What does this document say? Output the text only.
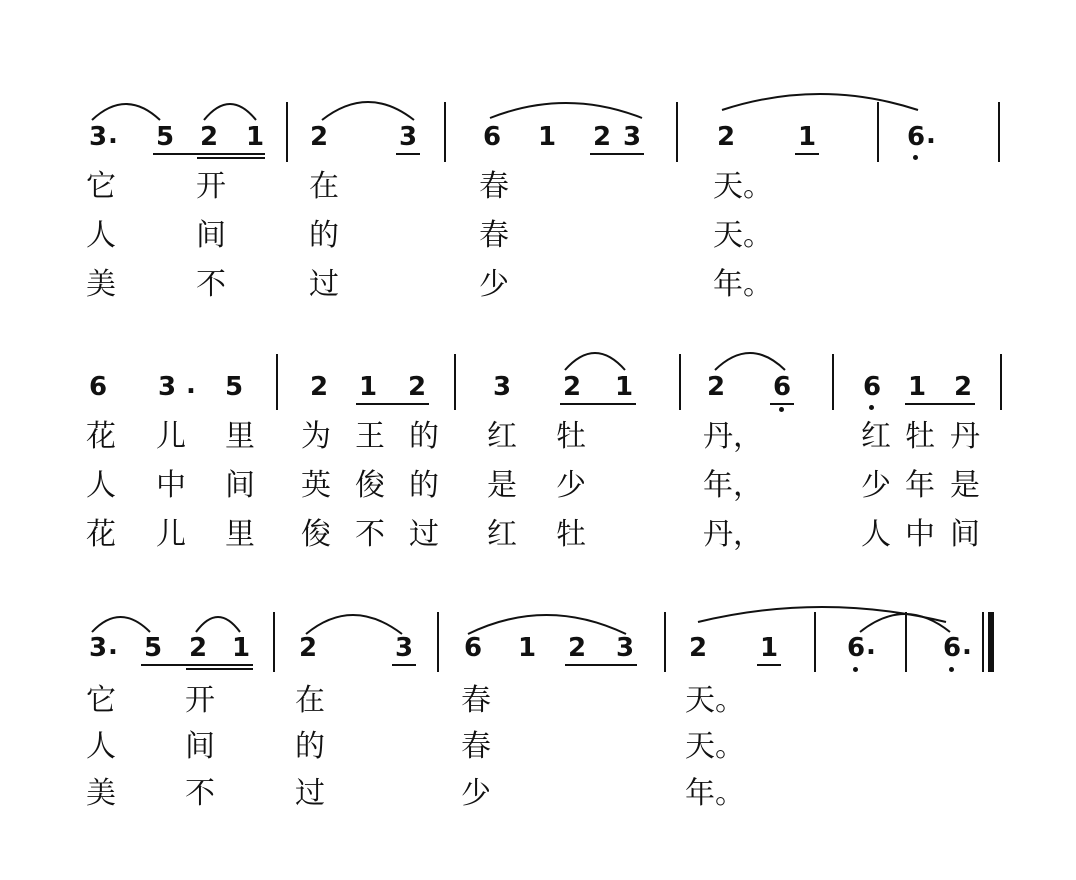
3 . 5 2 1 2	3	6 1 2 3	2 1	6 .
它	开	在	春	天。
人	间	的	春	天。
美	不	过	少	年。
6 3 . 5	2 1 2	3 2 1	2 6	6 1 2
花 儿 里 为 王 的 红 牡	丹，	红 牡 丹
人 中 间 英 俊 的 是 少	年，	少 年 是
花 儿 里 俊 不 过 红 牡	丹，	人 中 间
3 . 5 2 1 2	3 6 1 2 3 2 1	6 .	6 .
它 开	在	春	天。
人 间	的	春	天。
美 不	过	少	年。
